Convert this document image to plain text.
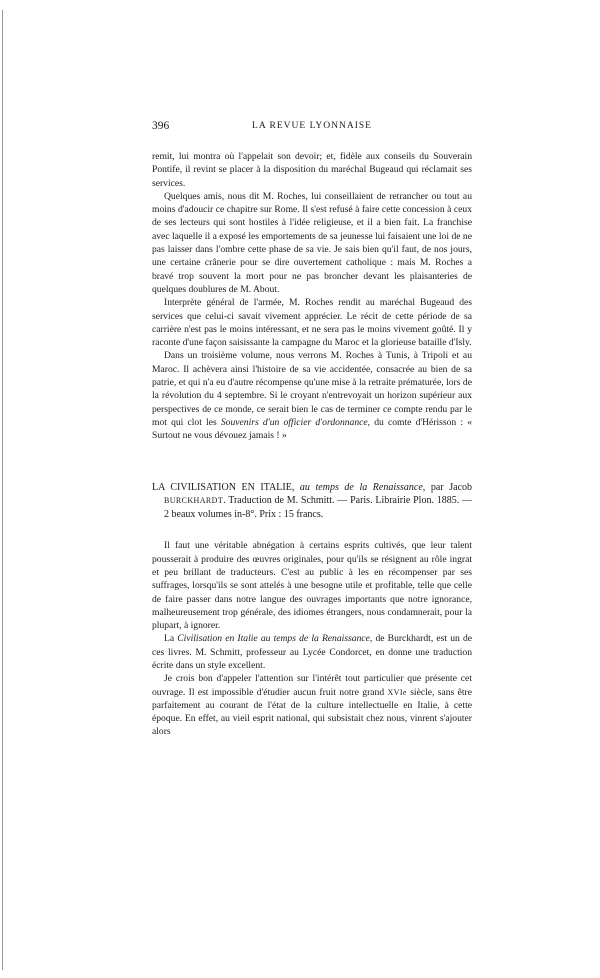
396	LA REVUE LYONNAISE

remit, lui montra où l'appelait son devoir; et, fidèle aux conseils du Souverain Pontife, il revint se placer à la disposition du maréchal Bugeaud qui réclamait ses services.

Quelques amis, nous dit M. Roches, lui conseillaient de retrancher ou tout au moins d'adoucir ce chapitre sur Rome. Il s'est refusé à faire cette concession à ceux de ses lecteurs qui sont hostiles à l'idée religieuse, et il a bien fait. La franchise avec laquelle il a exposé les emportements de sa jeunesse lui faisaient une loi de ne pas laisser dans l'ombre cette phase de sa vie. Je sais bien qu'il faut, de nos jours, une certaine crânerie pour se dire ouvertement catholique : mais M. Roches a bravé trop souvent la mort pour ne pas broncher devant les plaisanteries de quelques doublures de M. About.

Interprète général de l'armée, M. Roches rendit au maréchal Bugeaud des services que celui-ci savait vivement apprécier. Le récit de cette période de sa carrière n'est pas le moins intéressant, et ne sera pas le moins vivement goûté. Il y raconte d'une façon saisissante la campagne du Maroc et la glorieuse bataille d'Isly.

Dans un troisième volume, nous verrons M. Roches à Tunis, à Tripoli et au Maroc. Il achèvera ainsi l'histoire de sa vie accidentée, consacrée au bien de sa patrie, et qui n'a eu d'autre récompense qu'une mise à la retraite prématurée, lors de la révolution du 4 septembre. Si le croyant n'entrevoyait un horizon supérieur aux perspectives de ce monde, ce serait bien le cas de terminer ce compte rendu par le mot qui clot les Souvenirs d'un officier d'ordonnance, du comte d'Hérisson : « Surtout ne vous dévouez jamais ! »

LA CIVILISATION EN ITALIE, au temps de la Renaissance, par Jacob BURCKHARDT. Traduction de M. Schmitt. — Paris. Librairie Plon. 1885. — 2 beaux volumes in-8°. Prix : 15 francs.

Il faut une véritable abnégation à certains esprits cultivés, que leur talent pousserait à produire des œuvres originales, pour qu'ils se résignent au rôle ingrat et peu brillant de traducteurs. C'est au public à les en récompenser par ses suffrages, lorsqu'ils se sont attelés à une besogne utile et profitable, telle que celle de faire passer dans notre langue des ouvrages importants que notre ignorance, malheureusement trop générale, des idiomes étrangers, nous condamnerait, pour la plupart, à ignorer.

La Civilisation en Italie au temps de la Renaissance, de Burckhardt, est un de ces livres. M. Schmitt, professeur au Lycée Condorcet, en donne une traduction écrite dans un style excellent.

Je crois bon d'appeler l'attention sur l'intérêt tout particulier que présente cet ouvrage. Il est impossible d'étudier aucun fruit notre grand XVIe siècle, sans être parfaitement au courant de l'état de la culture intellectuelle en Italie, à cette époque. En effet, au vieil esprit national, qui subsistait chez nous, vinrent s'ajouter alors
